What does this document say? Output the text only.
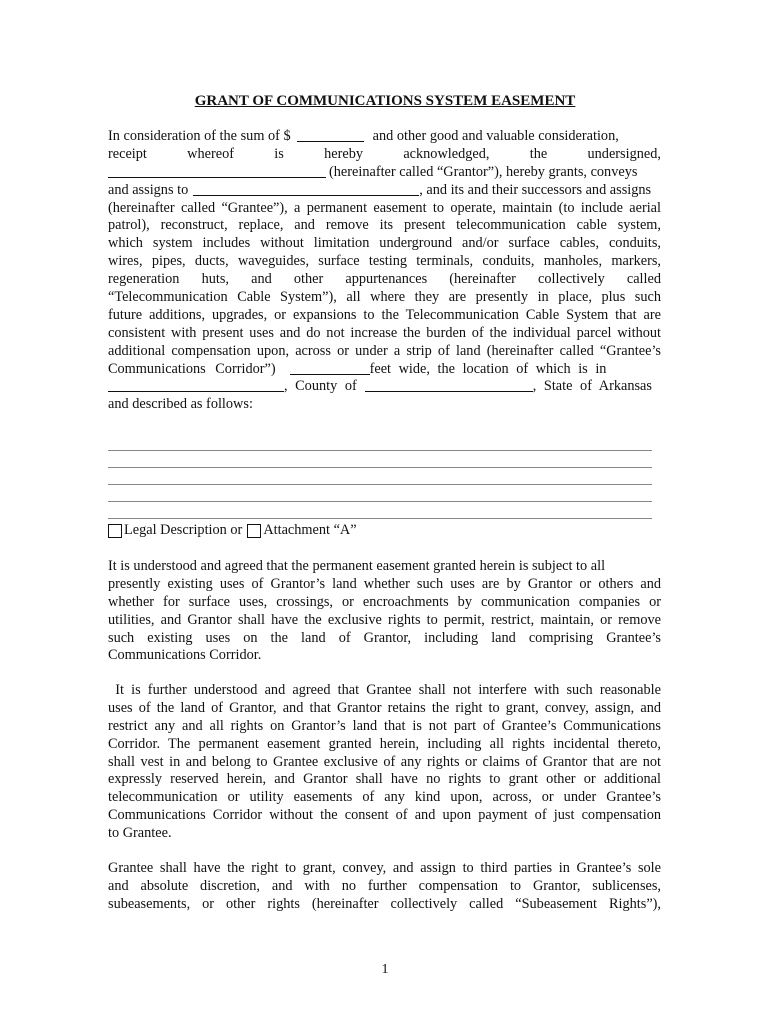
GRANT OF COMMUNICATIONS SYSTEM EASEMENT
In consideration of the sum of $	and other good and valuable consideration,
receipt	whereof	is	hereby	acknowledged,	the	undersigned,
(hereinafter called “Grantor”), hereby grants, conveys
and assigns to	, and its and their successors and assigns
(hereinafter called “Grantee”), a permanent easement to operate, maintain (to include aerial
patrol), reconstruct, replace, and remove its present telecommunication cable system,
which system includes without limitation underground and/or surface cables, conduits,
wires, pipes, ducts, waveguides, surface testing terminals, conduits, manholes, markers,
regeneration huts, and other appurtenances (hereinafter collectively called
“Telecommunication Cable System”), all where they are presently in place, plus such
future additions, upgrades, or expansions to the Telecommunication Cable System that are
consistent with present uses and do not increase the burden of the individual parcel without
additional compensation upon, across or under a strip of land (hereinafter called “Grantee’s
Communications Corridor”)	feet wide, the location of which is in
, County of	, State of Arkansas
and described as follows:
Legal Description or Attachment “A”
It is understood and agreed that the permanent easement granted herein is subject to all
presently existing uses of Grantor’s land whether such uses are by Grantor or others and
whether for surface uses, crossings, or encroachments by communication companies or
utilities, and Grantor shall have the exclusive rights to permit, restrict, maintain, or remove
such existing uses on the land of Grantor, including land comprising Grantee’s
Communications Corridor.
It is further understood and agreed that Grantee shall not interfere with such reasonable
uses of the land of Grantor, and that Grantor retains the right to grant, convey, assign, and
restrict any and all rights on Grantor’s land that is not part of Grantee’s Communications
Corridor. The permanent easement granted herein, including all rights incidental thereto,
shall vest in and belong to Grantee exclusive of any rights or claims of Grantor that are not
expressly reserved herein, and Grantor shall have no rights to grant other or additional
telecommunication or utility easements of any kind upon, across, or under Grantee’s
Communications Corridor without the consent of and upon payment of just compensation
to Grantee.
Grantee shall have the right to grant, convey, and assign to third parties in Grantee’s sole
and absolute discretion, and with no further compensation to Grantor, sublicenses,
subeasements, or other rights (hereinafter collectively called “Subeasement Rights”),
1
